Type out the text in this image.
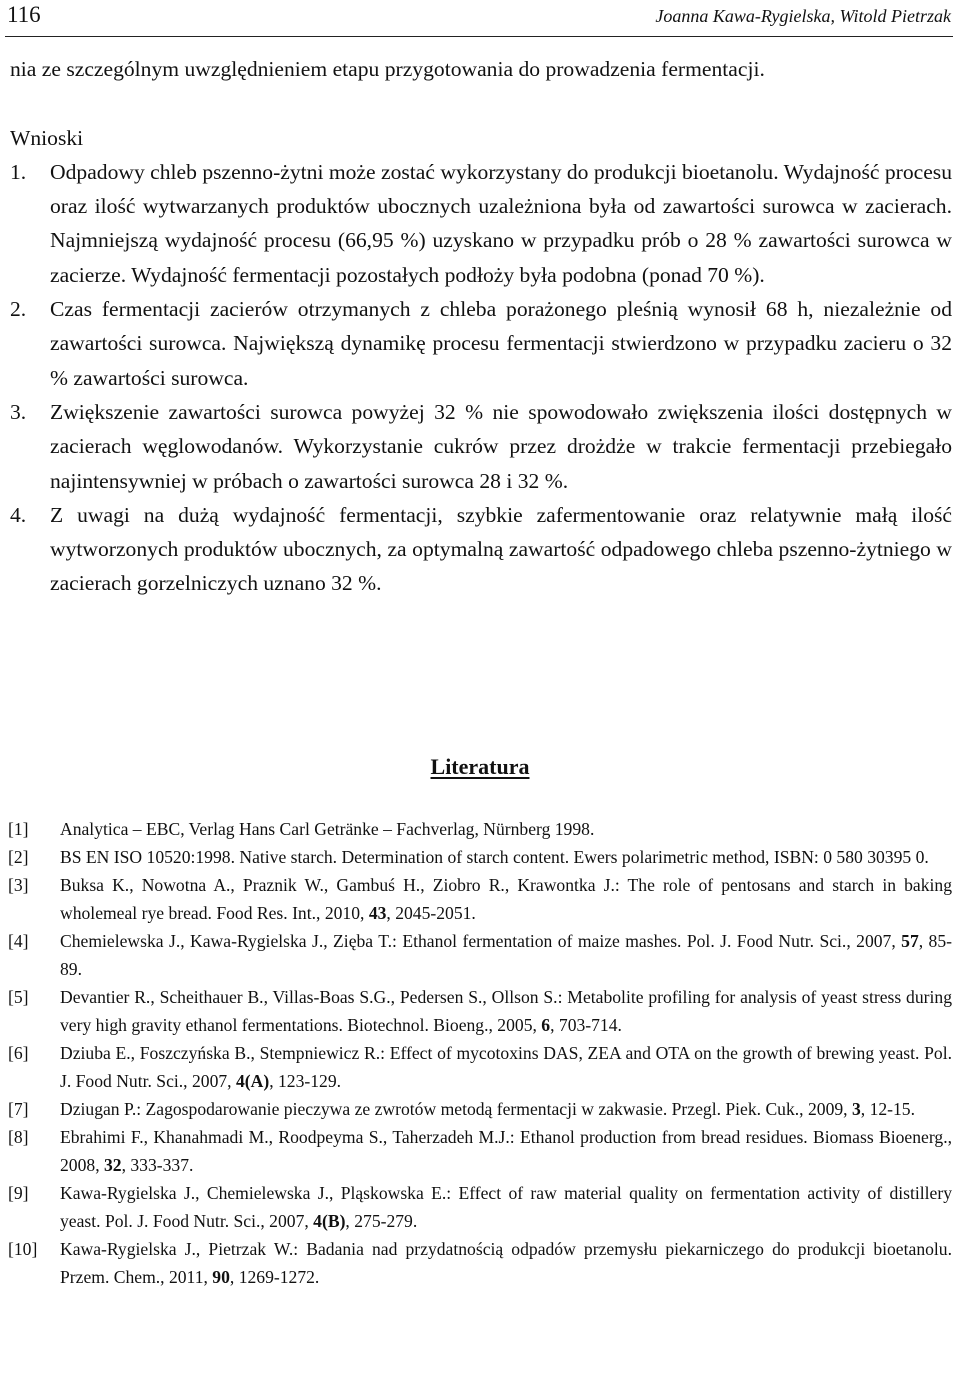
116	Joanna Kawa-Rygielska, Witold Pietrzak

nia ze szczególnym uwzględnieniem etapu przygotowania do prowadzenia fermentacji.

Wnioski

1.	Odpadowy chleb pszenno-żytni może zostać wykorzystany do produkcji bioetanolu. Wydajność procesu oraz ilość wytwarzanych produktów ubocznych uzależniona była od zawartości surowca w zacierach. Najmniejszą wydajność procesu (66,95 %) uzyskano w przypadku prób o 28 % zawartości surowca w zacierze. Wydajność fermentacji pozostałych podłoży była podobna (ponad 70 %).
2.	Czas fermentacji zacierów otrzymanych z chleba porażonego pleśnią wynosił 68 h, niezależnie od zawartości surowca. Największą dynamikę procesu fermentacji stwierdzono w przypadku zacieru o 32 % zawartości surowca.
3.	Zwiększenie zawartości surowca powyżej 32 % nie spowodowało zwiększenia ilości dostępnych w zacierach węglowodanów. Wykorzystanie cukrów przez drożdże w trakcie fermentacji przebiegało najintensywniej w próbach o zawartości surowca 28 i 32 %.
4.	Z uwagi na dużą wydajność fermentacji, szybkie zafermentowanie oraz relatywnie małą ilość wytworzonych produktów ubocznych, za optymalną zawartość odpadowego chleba pszenno-żytniego w zacierach gorzelniczych uznano 32 %.
Literatura
[1]	Analytica – EBC, Verlag Hans Carl Getränke – Fachverlag, Nürnberg 1998.
[2]	BS EN ISO 10520:1998. Native starch. Determination of starch content. Ewers polarimetric method, ISBN: 0 580 30395 0.
[3]	Buksa K., Nowotna A., Praznik W., Gambuś H., Ziobro R., Krawontka J.: The role of pentosans and starch in baking wholemeal rye bread. Food Res. Int., 2010, 43, 2045-2051.
[4]	Chemielewska J., Kawa-Rygielska J., Zięba T.: Ethanol fermentation of maize mashes. Pol. J. Food Nutr. Sci., 2007, 57, 85-89.
[5]	Devantier R., Scheithauer B., Villas-Boas S.G., Pedersen S., Ollson S.: Metabolite profiling for analysis of yeast stress during very high gravity ethanol fermentations. Biotechnol. Bioeng., 2005, 6, 703-714.
[6]	Dziuba E., Foszczyńska B., Stempniewicz R.: Effect of mycotoxins DAS, ZEA and OTA on the growth of brewing yeast. Pol. J. Food Nutr. Sci., 2007, 4(A), 123-129.
[7]	Dziugan P.: Zagospodarowanie pieczywa ze zwrotów metodą fermentacji w zakwasie. Przegl. Piek. Cuk., 2009, 3, 12-15.
[8]	Ebrahimi F., Khanahmadi M., Roodpeyma S., Taherzadeh M.J.: Ethanol production from bread residues. Biomass Bioenerg., 2008, 32, 333-337.
[9]	Kawa-Rygielska J., Chemielewska J., Pląskowska E.: Effect of raw material quality on fermentation activity of distillery yeast. Pol. J. Food Nutr. Sci., 2007, 4(B), 275-279.
[10]	Kawa-Rygielska J., Pietrzak W.: Badania nad przydatnością odpadów przemysłu piekarniczego do produkcji bioetanolu. Przem. Chem., 2011, 90, 1269-1272.
